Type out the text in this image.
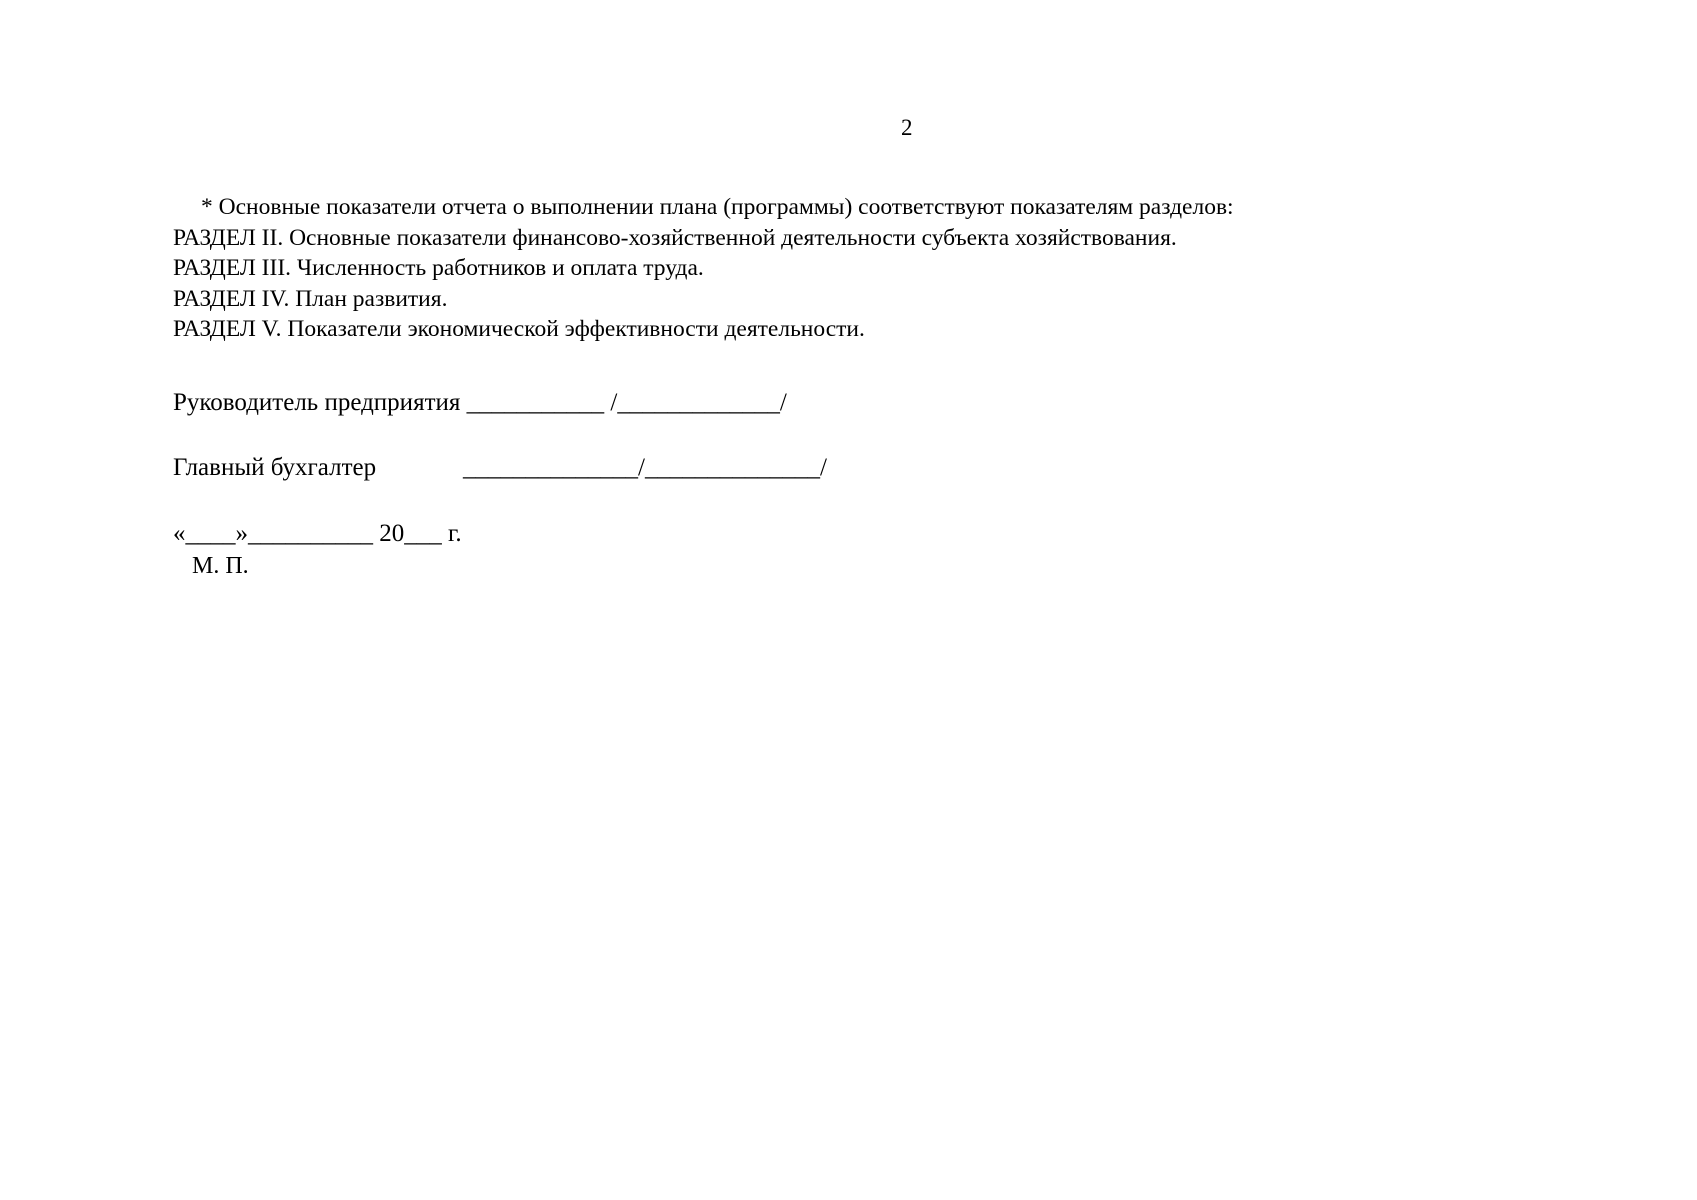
2
* Основные показатели отчета о выполнении плана (программы) соответствуют показателям разделов:
РАЗДЕЛ II. Основные показатели финансово-хозяйственной деятельности субъекта хозяйствования.
РАЗДЕЛ III. Численность работников и оплата труда.
РАЗДЕЛ IV. План развития.
РАЗДЕЛ V. Показатели экономической эффективности деятельности.
Руководитель предприятия ___________ /_____________/
Главный бухгалтер	______________/______________/
«____»__________ 20___ г.
М. П.
